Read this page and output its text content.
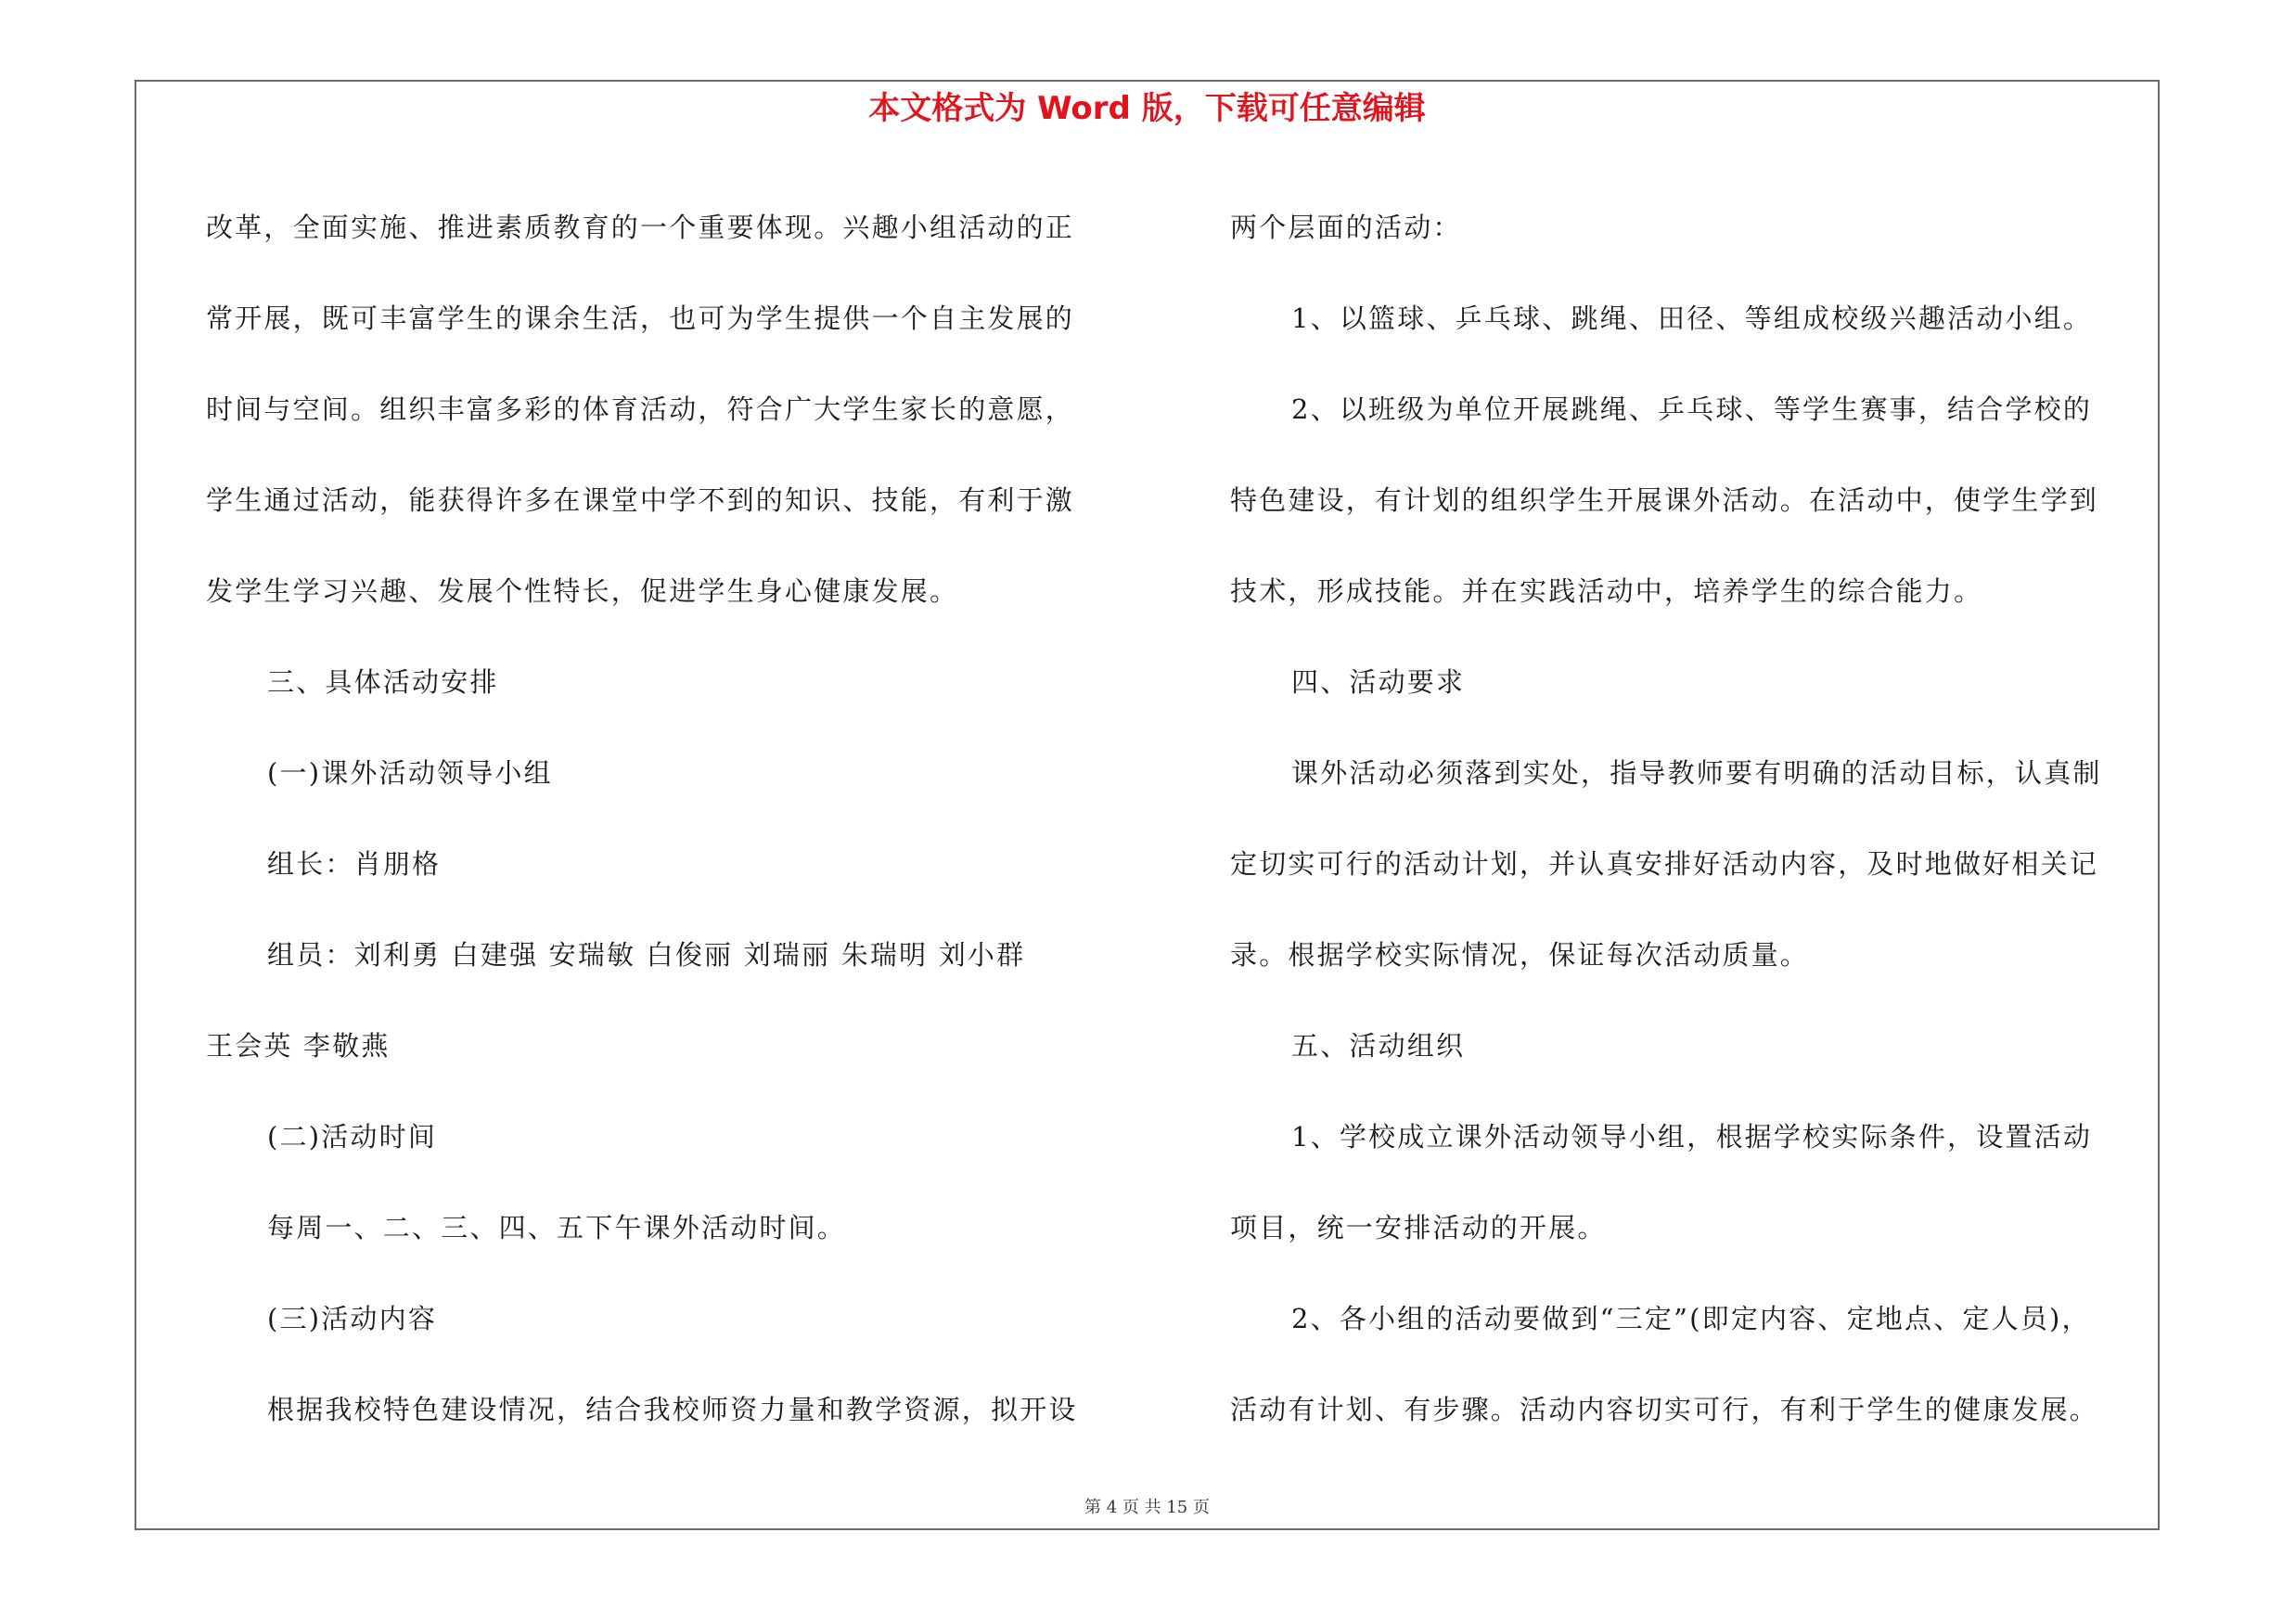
本文格式为 Word 版，下载可任意编辑
改革，全面实施、推进素质教育的一个重要体现。兴趣小组活动的正
常开展，既可丰富学生的课余生活，也可为学生提供一个自主发展的
时间与空间。组织丰富多彩的体育活动，符合广大学生家长的意愿，
学生通过活动，能获得许多在课堂中学不到的知识、技能，有利于激
发学生学习兴趣、发展个性特长，促进学生身心健康发展。
三、具体活动安排
(一)课外活动领导小组
组长：肖朋格
组员：刘利勇 白建强 安瑞敏 白俊丽 刘瑞丽 朱瑞明 刘小群
王会英 李敬燕
(二)活动时间
每周一、二、三、四、五下午课外活动时间。
(三)活动内容
根据我校特色建设情况，结合我校师资力量和教学资源，拟开设
两个层面的活动：
1、以篮球、乒乓球、跳绳、田径、等组成校级兴趣活动小组。
2、以班级为单位开展跳绳、乒乓球、等学生赛事，结合学校的
特色建设，有计划的组织学生开展课外活动。在活动中，使学生学到
技术，形成技能。并在实践活动中，培养学生的综合能力。
四、活动要求
课外活动必须落到实处，指导教师要有明确的活动目标，认真制
定切实可行的活动计划，并认真安排好活动内容，及时地做好相关记
录。根据学校实际情况，保证每次活动质量。
五、活动组织
1、学校成立课外活动领导小组，根据学校实际条件，设置活动
项目，统一安排活动的开展。
2、各小组的活动要做到“三定”(即定内容、定地点、定人员)，
活动有计划、有步骤。活动内容切实可行，有利于学生的健康发展。
第 4 页 共 15 页
